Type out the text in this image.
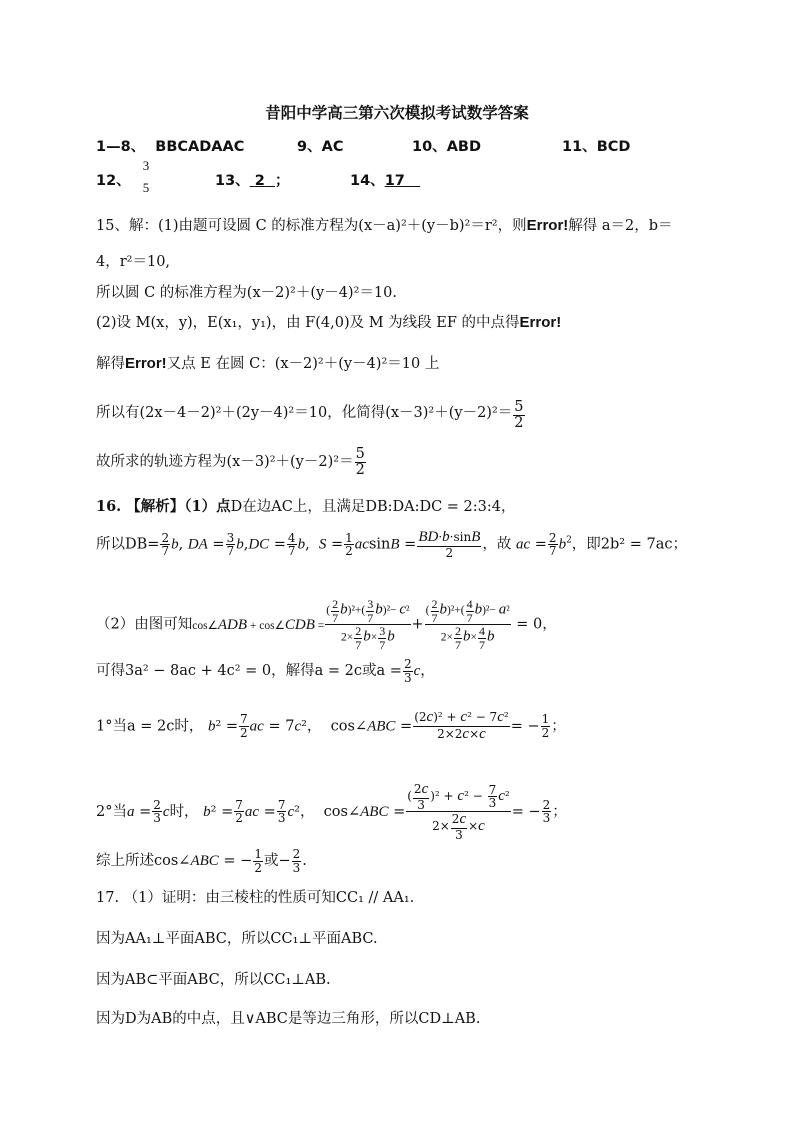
昔阳中学高三第六次模拟考试数学答案
1—8、 BBCADAAC	9、AC	10、ABD	11、BCD
12、
3
5	13、 2 ；	14、17
15、解：(1)由题可设圆 C 的标准方程为(x－a)²＋(y－b)²＝r²，则Error!解得 a＝2，b＝
4，r²＝10,
所以圆 C 的标准方程为(x－2)²＋(y－4)²＝10.
(2)设 M(x，y)，E(x₁，y₁)，由 F(4,0)及 M 为线段 EF 的中点得Error!
解得Error!又点 E 在圆 C：(x－2)²＋(y－4)²＝10 上
所以有(2x－4－2)²＋(2y－4)²＝10，化简得$(x-3)^2+(y-2)^2= \frac{5}{2}$
故所求的轨迹方程为$(x-3)^2+(y-2)^2= \frac{5}{2}$
16. 【解析】（1）点D在边AC上，且满足DB:DA:DC = 2:3:4，
所以$DB= \frac{2}{7} b$, DA = $\frac{3}{7} b,DC = \frac{4}{7} b$,  $S = \frac{1}{2}$ $acsinB = \frac{BD\cdot b\cdot\sin B}{2}$ ，故 ac = $\frac{2}{7} b^2$，即2b² = 7ac；
（2）由图可知cos∠ADB + cos∠CDB = $\frac{( \frac{2}{7} b)^2+( \frac{3}{7} b)^2- c^2}{2\times \frac{2}{7} b\times \frac{3}{7} b} + \frac{( \frac{2}{7} b)^2+( \frac{4}{7} b)^2- a^2}{2\times \frac{2}{7} b\times \frac{4}{7} b} = 0$，
可得3a² − 8ac + 4c² = 0，解得a = 2c或$a = \frac{2}{3}$ c，
1°当a = 2c时， $b^2 = \frac{7}{2}$ ac = 7c²，  cos∠ABC = $\frac{\text{(2c)² + c² − 7c²}}{2\times 2c\times c}$ = − $\frac{1}{2}$ ；
2°当$a = \frac{2}{3}$ c时， $b^2 = \frac{7}{2}$ ac = $\frac{7}{3} c^2$，  cos∠ABC = $\frac{( \frac{2c}{3} )^2 + c^2 - \frac{7}{3} c^2}{2\times \frac{2c}{3} \times c}$ = − $\frac{2}{3}$ ；
综上所述cos∠ABC = − $\frac{1}{2}$ 或− $\frac{2}{3}$ .
17. （1）证明：由三棱柱的性质可知CC₁ // AA₁.
因为AA₁⊥平面ABC，所以CC₁⊥平面ABC.
因为AB⊂平面ABC，所以CC₁⊥AB.
因为D为AB的中点，且∨ABC是等边三角形，所以CD⊥AB.
